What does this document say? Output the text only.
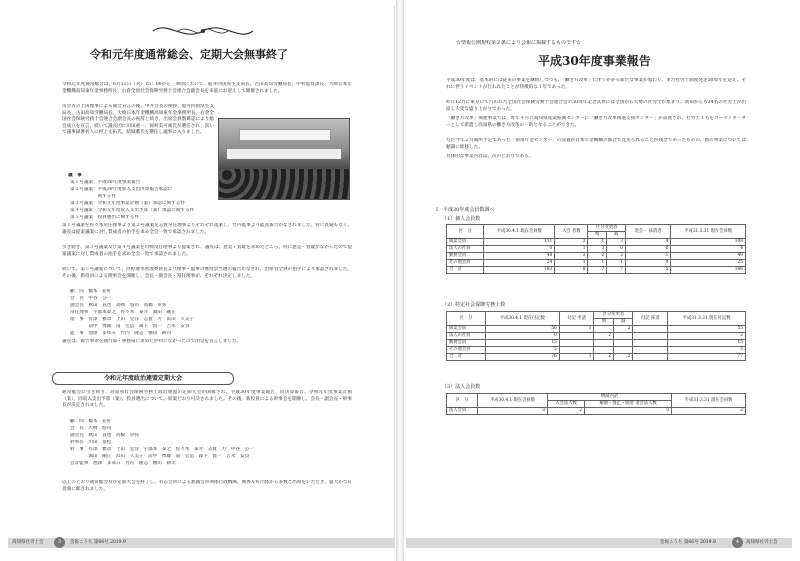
令和元年度通常総会、定期大会無事終了
令和元年度通常総会は、6月11日（火）15：00から三翠園において、船井四国厚生支局長、古田高知労働局長、中村監督課長、大崎日本年金機構高知東年金事務所長、右倉全国社会保険労務士会連合会副会長を来賓にお迎えして開催されました。
司会者の上田理事による開会宣言の後、中井会長の挨拶、船井四国厚生支局長、古田高知労働局長、大崎日本年金機構高知東年金事務所長、右倉全国社会保険労務士会連合会副会長の祝辞と続き、出席会員数確認により総会成立を宣言、続いて議長団に川田重一、岡村美可両氏が選任され、次いで議事録署名人に村上丈拓氏、結城薫氏を選任し議事に入りました。
議　事
第１号議案　平成30年度事業報告
第２号議案　平成30年度収入支出決算報告承認に
　　　　　　関する件
第３号議案　令和元年度事業計画（案）承認に関する件
第４号議案　令和元年度収入支出予算（案）承認に関する件
第５号議案　役員選出に関する件
第１号議案を佐々木常任理事より第２号議案を志賀常任理事よりそれぞれ提案し、竹内監事より監査報告がなされました。特に質疑もなく、議長は提案議案に対し賛成者の拍手を求め全会一致で承認されました。
引き続き、第３号議案及び第４号議案を川崎常任理事より提案され、議長は、意見・質疑を求めたところ、特に意見・質疑がなかったので提案議案に対し賛成者の拍手を求め全会一致で承認されました。
続いて、第５号議案について、河野選挙管理委員長より理事・監事の無投票当選の報告がなされ、出席者全員の拍手により承認されました。その後、新役員による理事会を開催し、会長・副会長・常任理事が、それぞれ決定しました。
顧　問　橋本　充好
会　長　中谷　公一
副会長　秋山　直也　高崎　悠司　高橋　卓弥
常任理事　宇都本泰之　佐々木　泰介　濵田　剛正
理　事　有澤　雅章　上田　宜洋　志賀　力　浜田　久美子
　　　　前中　博雄　南　宏造　森下　賢一　吉永　安良
監　事　池澤　まゆみ　竹内　隆志　横田　耕司
議長は、報告事項を執行部・事務局に求めたが特になかったので閉会を宣言しました。
令和元年度政治連盟定期大会
通常総会に引き続き、高知県社会保険労務士政治連盟の定期大会が開催され、平成30年度事業報告、同決算報告、令和元年度事業計画（案）、同収入支出予算（案）、役員選出について、原案どおり可決されました。その後、新役員による幹事会を開催し、会長・副会長・幹事長が決定されました。
顧　問　橋本　充好
会　長　大崎　悠司
副会長　秋山　直也　高橋　卓弥
幹事長　川田　富松
幹　事　有澤　雅章　上田　宜洋　宇都本　泰之　佐々木　泰介　志賀　力　中谷　公一
　　　　濵田　剛正　浜田　久美子　前中　博雄　南　宏造　森下　賢一　吉永　安良
会計監事　池澤　まゆみ　竹内　隆志　横田　耕司
以上のとおり通常総会及び定期大会を終了し、有志会員による懇親会が関係行政機関、関係友好団体から多数ご出席をいただき、盛大かつ有意義に催されました。
高知県社労士会	3	会報こうち 第66号 2019.9
☆情報公開規程第２条により会報に掲載するものです☆
平成30年度事業報告
平成30年度は、基本的には従来の事業を継続しつつも、「働き方改革」に伴うかかる新たな事業が加わり、また社労士制度発足50周年を迎え、それに伴うイベントが行われたことが特徴的な１年であった。
昨年12月に東京にて行われた全国社会保険労務士会連合会の50周年記念式典には全国から大勢の社労士が集まり、高知からも24名の社労士が出席し大変な盛り上がりであった。
「働き方改革」関連事業では、昨年４月に高知県産業振興センターに「働き方改革推進支援センター」が設置され、社労士１名をコーディネーターとして派遣し高知県の働き方改革の一助となることができた。
ただ今年２月開所予定であった「街角年金センター」の設置が日本年金機構の都合で見送られることが残念であったものの、他の事業については順調に推移した。
具体的な事業内容は、次のとおりである。
Ⅰ．平成30年度会員数調べ
（1）個人会員数
区　分	平成30.4.1 現在会員数	入会 者数	区分変更者		退会・ 抹消者	平成31.3.31 現在会員数
			増	減		
開業会員	111	3	1	3	4	108
法人の社員	0	1	3	0	0	4
勤務会員	48	3	2	3	1	49
その他会員	24	1	1	1	0	25
合　計	183	8	7	7	5	186
（2）特定社会保険労務士数
区　分	平成30.4.1 現在付記数	付記 申請	区分変更者		付記 抹消	平成31.3.31 現在付記数
			増	減		
開業会員	56	1		2		55
法人の社員	0		2			2
勤務会員	15					15
その他会員	5					5
合　計	76	1	2	2		77
（3）法人会員数
区　分	平成30.4.1 現在会員数	増減内訳		平成31.3.31 現在会員数
		入会法人数	解散・廃止・脱退 退会法人数	
法人会員	0	2	0	2
会報こうち 第66号 2019.9	4	高知県社労士会
